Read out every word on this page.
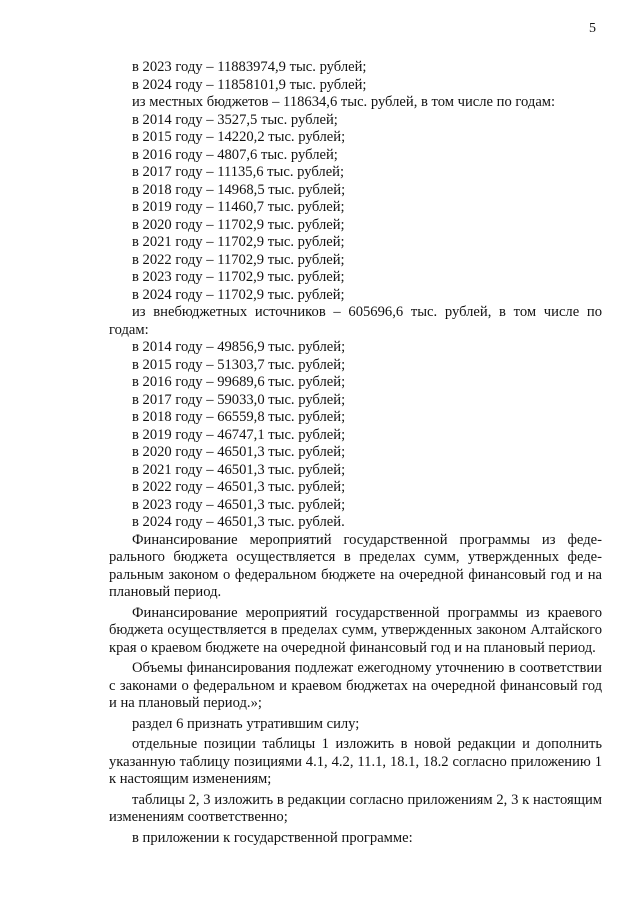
5
в 2023 году – 11883974,9 тыс. рублей;
в 2024 году – 11858101,9 тыс. рублей;
из местных бюджетов – 118634,6 тыс. рублей, в том числе по годам:
в 2014 году – 3527,5 тыс. рублей;
в 2015 году – 14220,2 тыс. рублей;
в 2016 году – 4807,6 тыс. рублей;
в 2017 году – 11135,6 тыс. рублей;
в 2018 году – 14968,5 тыс. рублей;
в 2019 году – 11460,7 тыс. рублей;
в 2020 году – 11702,9 тыс. рублей;
в 2021 году – 11702,9 тыс. рублей;
в 2022 году – 11702,9 тыс. рублей;
в 2023 году – 11702,9 тыс. рублей;
в 2024 году – 11702,9 тыс. рублей;

из внебюджетных источников – 605696,6 тыс. рублей, в том числе по годам:

в 2014 году – 49856,9 тыс. рублей;
в 2015 году – 51303,7 тыс. рублей;
в 2016 году – 99689,6 тыс. рублей;
в 2017 году – 59033,0 тыс. рублей;
в 2018 году – 66559,8 тыс. рублей;
в 2019 году – 46747,1 тыс. рублей;
в 2020 году – 46501,3 тыс. рублей;
в 2021 году – 46501,3 тыс. рублей;
в 2022 году – 46501,3 тыс. рублей;
в 2023 году – 46501,3 тыс. рублей;
в 2024 году – 46501,3 тыс. рублей.

Финансирование мероприятий государственной программы из федерального бюджета осуществляется в пределах сумм, утвержденных федеральным законом о федеральном бюджете на очередной финансовый год и на плановый период.

Финансирование мероприятий государственной программы из краевого бюджета осуществляется в пределах сумм, утвержденных законом Алтайского края о краевом бюджете на очередной финансовый год и на плановый период.

Объемы финансирования подлежат ежегодному уточнению в соответствии с законами о федеральном и краевом бюджетах на очередной финансовый год и на плановый период.»;

раздел 6 признать утратившим силу;

отдельные позиции таблицы 1 изложить в новой редакции и дополнить указанную таблицу позициями 4.1, 4.2, 11.1, 18.1, 18.2 согласно приложению 1 к настоящим изменениям;

таблицы 2, 3 изложить в редакции согласно приложениям 2, 3 к настоящим изменениям соответственно;

в приложении к государственной программе:
